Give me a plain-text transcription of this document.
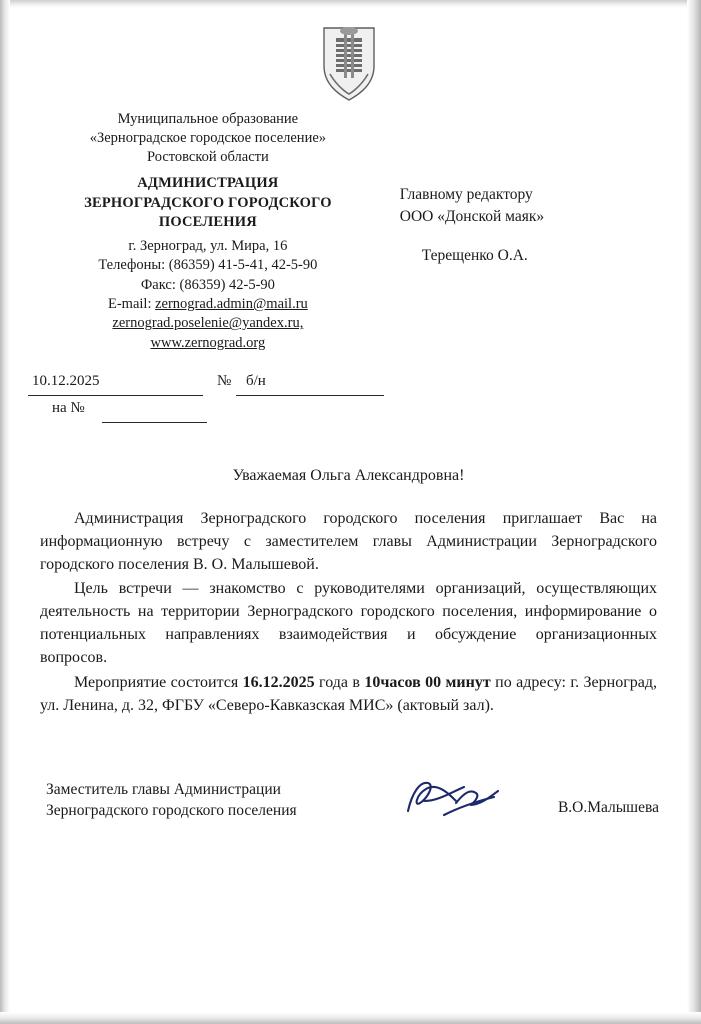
Муниципальное образование
«Зерноградское городское поселение»
Ростовской области
АДМИНИСТРАЦИЯ
ЗЕРНОГРАДСКОГО ГОРОДСКОГО
ПОСЕЛЕНИЯ
г. Зерноград, ул. Мира, 16
Телефоны: (86359) 41-5-41, 42-5-90
Факс: (86359) 42-5-90
E-mail: zernograd.admin@mail.ru
zernograd.poselenie@yandex.ru,
www.zernograd.org
Главному редактору
ООО «Донской маяк»
Терещенко О.А.
10.12.2025	№ б/н
на №
Уважаемая Ольга Александровна!

Администрация Зерноградского городского поселения приглашает Вас на информационную встречу с заместителем главы Администрации Зерноградского городского поселения В. О. Малышевой.

Цель встречи — знакомство с руководителями организаций, осуществляющих деятельность на территории Зерноградского городского поселения, информирование о потенциальных направлениях взаимодействия и обсуждение организационных вопросов.

Мероприятие состоится 16.12.2025 года в 10часов 00 минут по адресу: г. Зерноград, ул. Ленина, д. 32, ФГБУ «Северо-Кавказская МИС» (актовый зал).

Заместитель главы Администрации
Зерноградского городского поселения	В.О.Малышева
